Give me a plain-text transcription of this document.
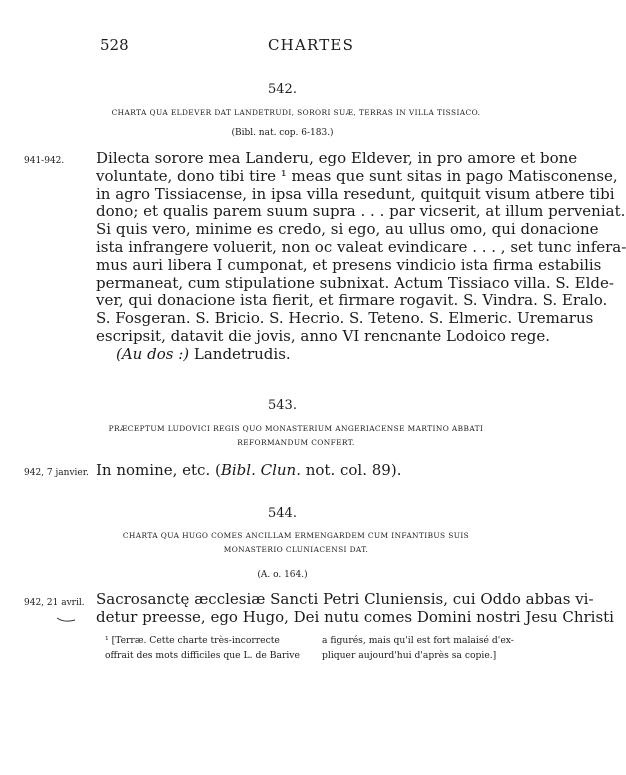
528	CHARTES
542.
CHARTA QUA ELDEVER DAT LANDETRUDI, SORORI SUÆ, TERRAS IN VILLA TISSIACO.
(Bibl. nat. cop. 6-183.)
941-942. Dilecta sorore mea Landeru, ego Eldever, in pro amore et bone
voluntate, dono tibi tire ¹ meas que sunt sitas in pago Matisconense,
in agro Tissiacense, in ipsa villa resedunt, quitquit visum atbere tibi
dono; et qualis parem suum supra . . . par vicserit, at illum perveniat.
Si quis vero, minime es credo, si ego, au ullus omo, qui donacione
ista infrangere voluerit, non oc valeat evindicare . . . , set tunc infera-
mus auri libera I cumponat, et presens vindicio ista firma estabilis
permaneat, cum stipulatione subnixat. Actum Tissiaco villa. S. Elde-
ver, qui donacione ista fierit, et firmare rogavit. S. Vindra. S. Eralo.
S. Fosgeran. S. Bricio. S. Hecrio. S. Teteno. S. Elmeric. Uremarus
escripsit, datavit die jovis, anno VI rencnante Lodoico rege.
(Au dos :) Landetrudis.
543.
PRÆCEPTUM LUDOVICI REGIS QUO MONASTERIUM ANGERIACENSE MARTINO ABBATI
REFORMANDUM CONFERT.
942, 7 janvier. In nomine, etc. (Bibl. Clun. not. col. 89).
544.
CHARTA QUA HUGO COMES ANCILLAM ERMENGARDEM CUM INFANTIBUS SUIS
MONASTERIO CLUNIACENSI DAT.
(A. o. 164.)
942, 21 avril. Sacrosanctę æcclesiæ Sancti Petri Cluniensis, cui Oddo abbas vi-
detur preesse, ego Hugo, Dei nutu comes Domini nostri Jesu Christi
¹ [Terræ. Cette charte très-incorrecte
offrait des mots difficiles que L. de Barive
a figurés, mais qu'il est fort malaisé d'ex-
pliquer aujourd'hui d'après sa copie.]
